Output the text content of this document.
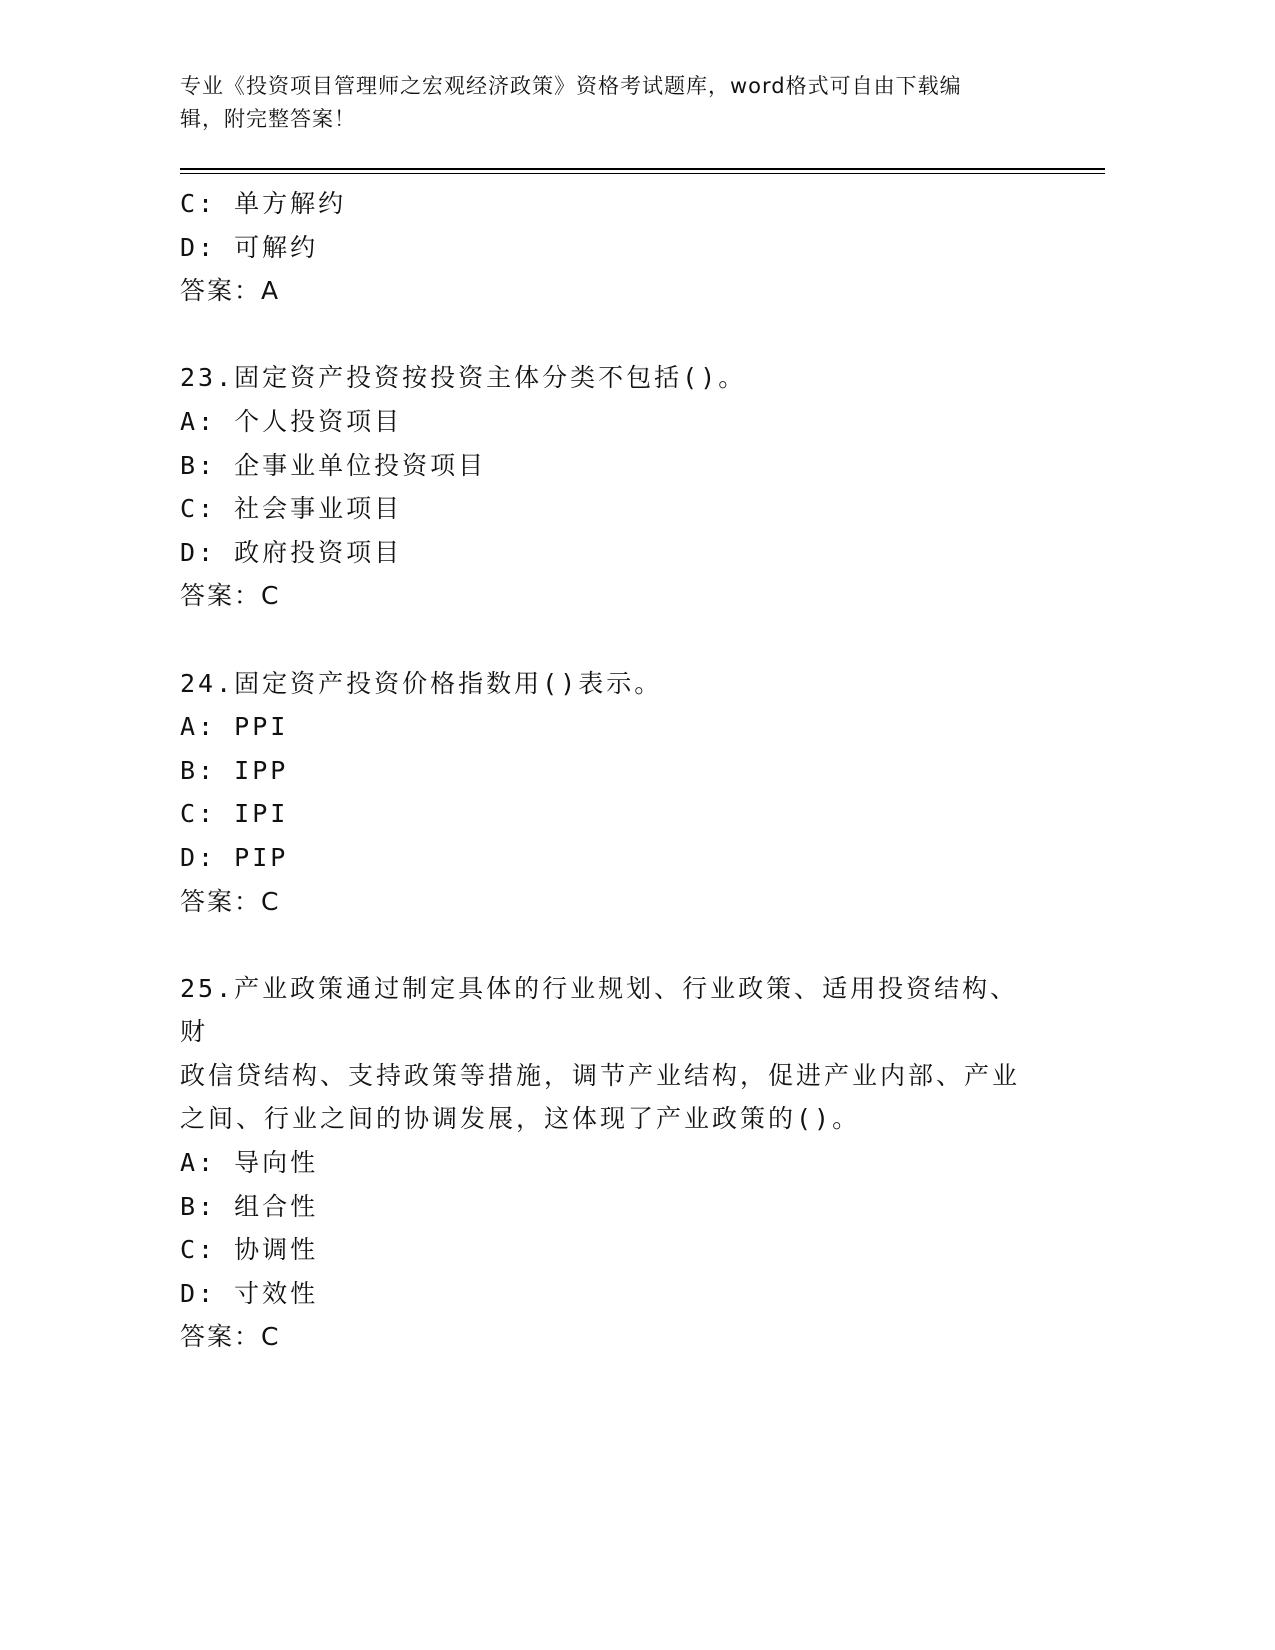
专业《投资项目管理师之宏观经济政策》资格考试题库，word格式可自由下载编
辑，附完整答案！
C: 单方解约
D: 可解约
答案：A
23.固定资产投资按投资主体分类不包括()。
A: 个人投资项目
B: 企事业单位投资项目
C: 社会事业项目
D: 政府投资项目
答案：C
24.固定资产投资价格指数用()表示。
A: PPI
B: IPP
C: IPI
D: PIP
答案：C
25.产业政策通过制定具体的行业规划、行业政策、适用投资结构、财
政信贷结构、支持政策等措施，调节产业结构，促进产业内部、产业
之间、行业之间的协调发展，这体现了产业政策的()。
A: 导向性
B: 组合性
C: 协调性
D: 寸效性
答案：C
